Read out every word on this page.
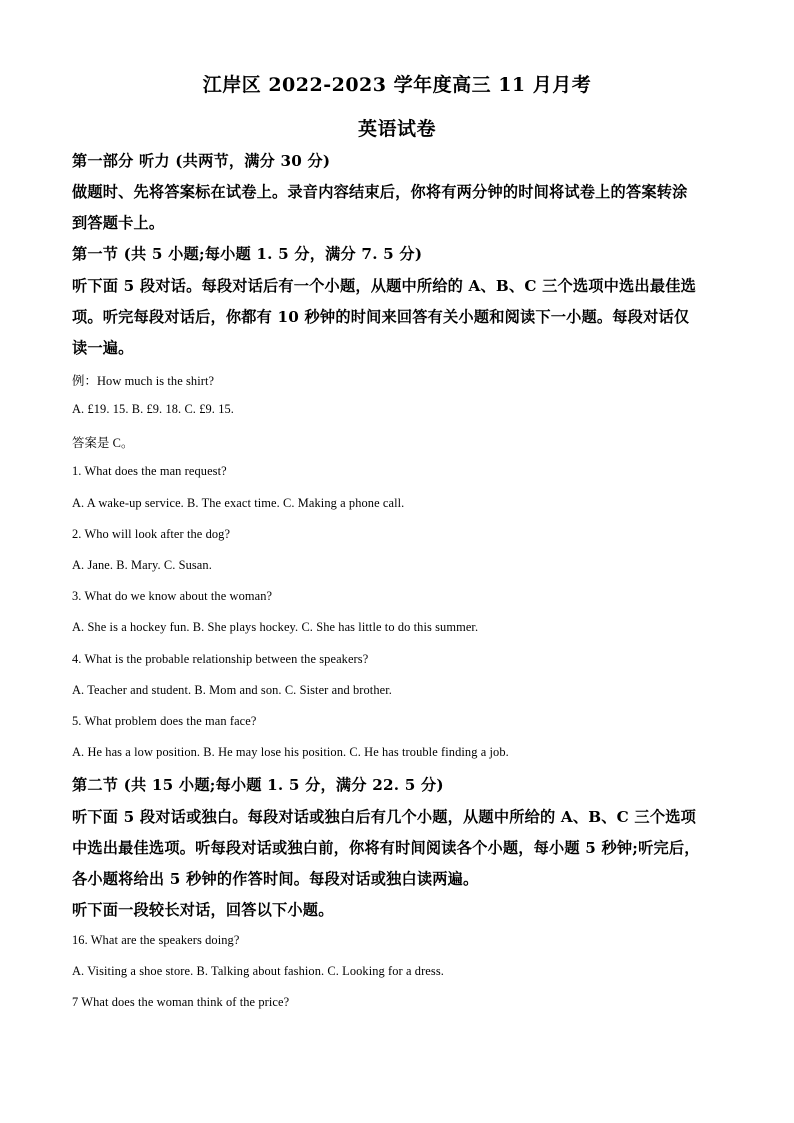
江岸区 2022-2023 学年度高三 11 月月考
英语试卷
第一部分 听力 (共两节，满分 30 分)
做题时、先将答案标在试卷上。录音内容结束后，你将有两分钟的时间将试卷上的答案转涂
到答题卡上。
第一节 (共 5 小题;每小题 1. 5 分，满分 7. 5 分)
听下面 5 段对话。每段对话后有一个小题，从题中所给的 A、B、C 三个选项中选出最佳选
项。听完每段对话后，你都有 10 秒钟的时间来回答有关小题和阅读下一小题。每段对话仅
读一遍。
例：How much is the shirt?
A. £19. 15. B. £9. 18. C. £9. 15.
答案是 C。
1. What does the man request?
A. A wake-up service. B. The exact time. C. Making a phone call.
2. Who will look after the dog?
A. Jane. B. Mary. C. Susan.
3. What do we know about the woman?
A. She is a hockey fun. B. She plays hockey. C. She has little to do this summer.
4. What is the probable relationship between the speakers?
A. Teacher and student. B. Mom and son. C. Sister and brother.
5. What problem does the man face?
A. He has a low position. B. He may lose his position. C. He has trouble finding a job.
第二节 (共 15 小题;每小题 1. 5 分，满分 22. 5 分)
听下面 5 段对话或独白。每段对话或独白后有几个小题，从题中所给的 A、B、C 三个选项
中选出最佳选项。听每段对话或独白前，你将有时间阅读各个小题，每小题 5 秒钟;听完后，
各小题将给出 5 秒钟的作答时间。每段对话或独白读两遍。
听下面一段较长对话，回答以下小题。
16. What are the speakers doing?
A. Visiting a shoe store. B. Talking about fashion. C. Looking for a dress.
7 What does the woman think of the price?
